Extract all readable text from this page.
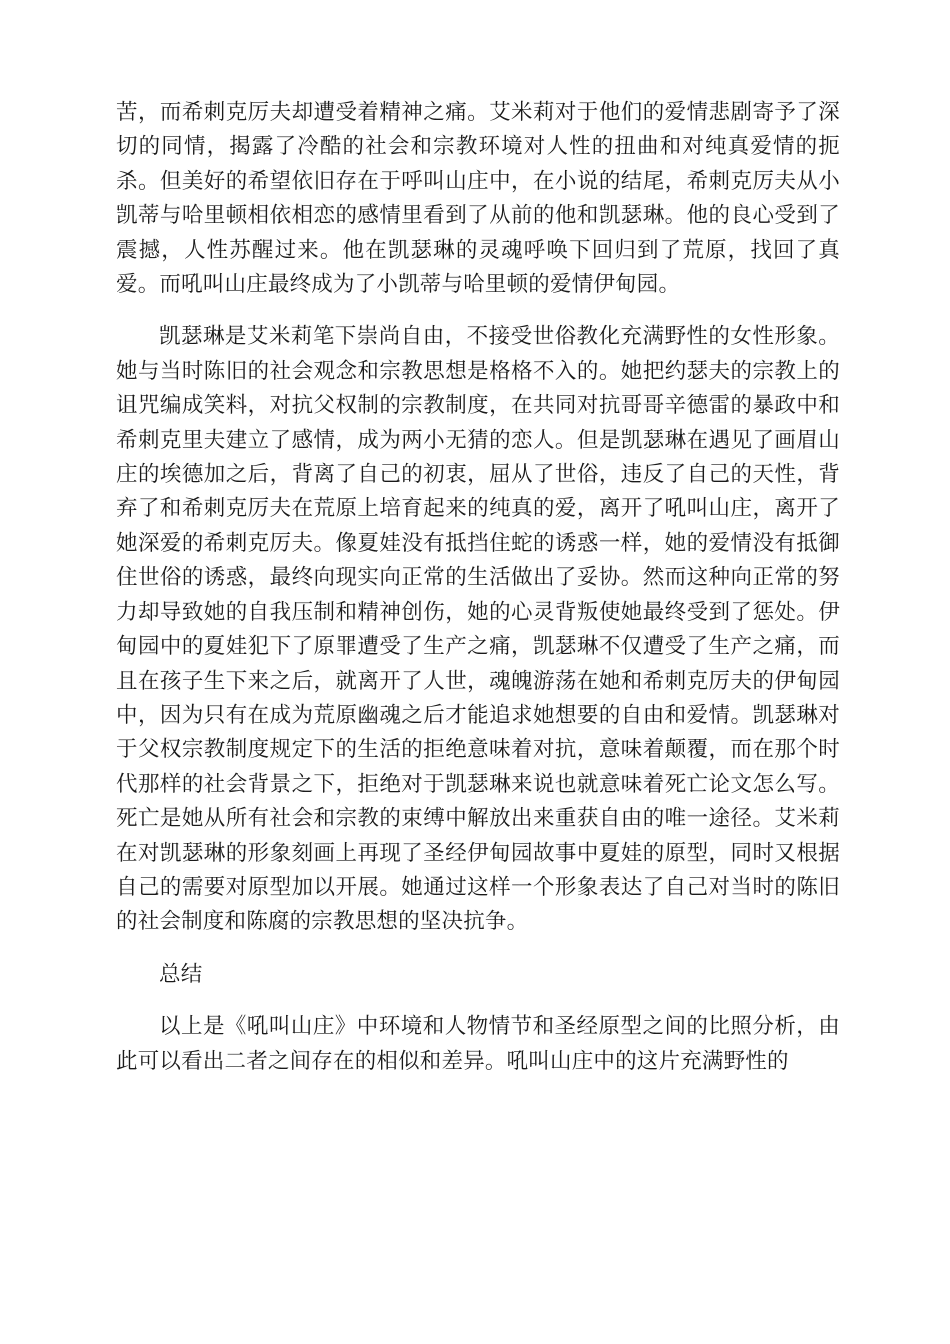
苦，而希刺克厉夫却遭受着精神之痛。艾米莉对于他们的爱情悲剧寄予了深切的同情，揭露了冷酷的社会和宗教环境对人性的扭曲和对纯真爱情的扼杀。但美好的希望依旧存在于呼叫山庄中，在小说的结尾，希刺克厉夫从小凯蒂与哈里顿相依相恋的感情里看到了从前的他和凯瑟琳。他的良心受到了震撼，人性苏醒过来。他在凯瑟琳的灵魂呼唤下回归到了荒原，找回了真爱。而吼叫山庄最终成为了小凯蒂与哈里顿的爱情伊甸园。

凯瑟琳是艾米莉笔下崇尚自由，不接受世俗教化充满野性的女性形象。她与当时陈旧的社会观念和宗教思想是格格不入的。她把约瑟夫的宗教上的诅咒编成笑料，对抗父权制的宗教制度，在共同对抗哥哥辛德雷的暴政中和希刺克里夫建立了感情，成为两小无猜的恋人。但是凯瑟琳在遇见了画眉山庄的埃德加之后，背离了自己的初衷，屈从了世俗，违反了自己的天性，背弃了和希刺克厉夫在荒原上培育起来的纯真的爱，离开了吼叫山庄，离开了她深爱的希刺克厉夫。像夏娃没有抵挡住蛇的诱惑一样，她的爱情没有抵御住世俗的诱惑，最终向现实向正常的生活做出了妥协。然而这种向正常的努力却导致她的自我压制和精神创伤，她的心灵背叛使她最终受到了惩处。伊甸园中的夏娃犯下了原罪遭受了生产之痛，凯瑟琳不仅遭受了生产之痛，而且在孩子生下来之后，就离开了人世，魂魄游荡在她和希刺克厉夫的伊甸园中，因为只有在成为荒原幽魂之后才能追求她想要的自由和爱情。凯瑟琳对于父权宗教制度规定下的生活的拒绝意味着对抗，意味着颠覆，而在那个时代那样的社会背景之下，拒绝对于凯瑟琳来说也就意味着死亡论文怎么写。死亡是她从所有社会和宗教的束缚中解放出来重获自由的唯一途径。艾米莉在对凯瑟琳的形象刻画上再现了圣经伊甸园故事中夏娃的原型，同时又根据自己的需要对原型加以开展。她通过这样一个形象表达了自己对当时的陈旧的社会制度和陈腐的宗教思想的坚决抗争。

总结

以上是《吼叫山庄》中环境和人物情节和圣经原型之间的比照分析，由此可以看出二者之间存在的相似和差异。吼叫山庄中的这片充满野性的
